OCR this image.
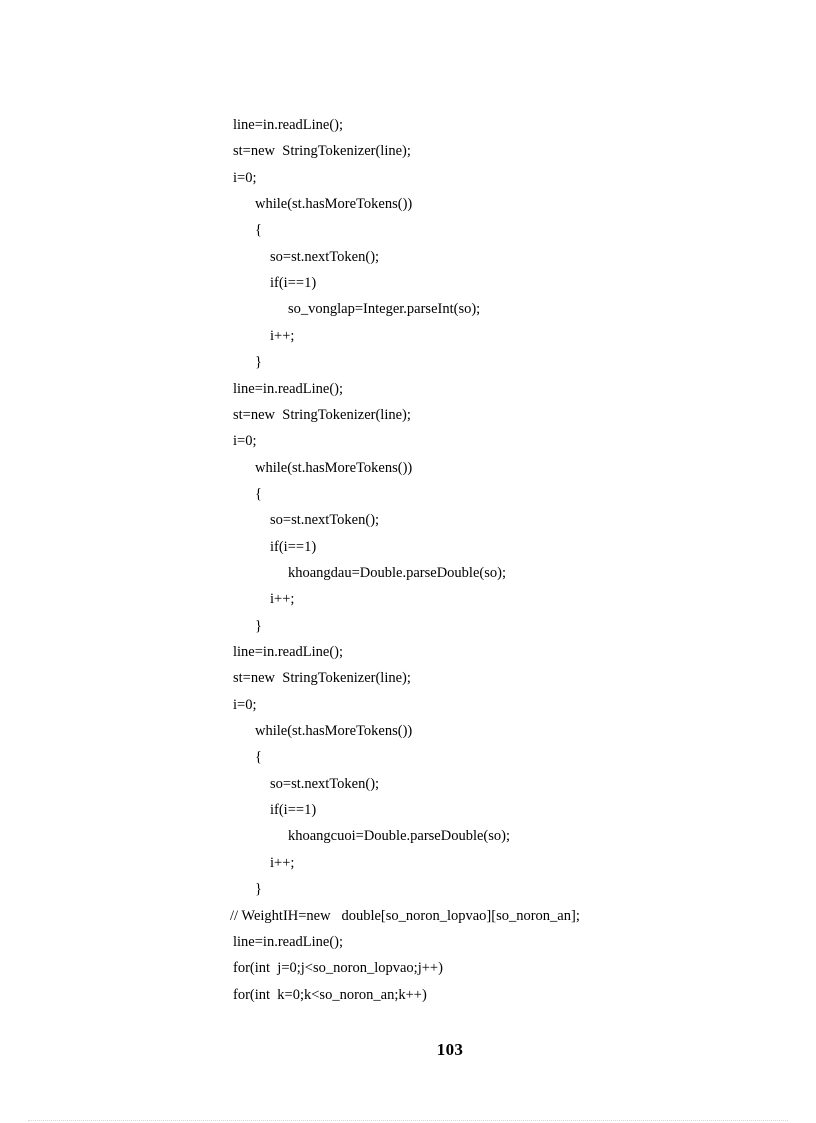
line=in.readLine();
st=new  StringTokenizer(line);
i=0;
while(st.hasMoreTokens())
{
so=st.nextToken();
if(i==1)
so_vonglap=Integer.parseInt(so);
i++;
}
line=in.readLine();
st=new  StringTokenizer(line);
i=0;
while(st.hasMoreTokens())
{
so=st.nextToken();
if(i==1)
khoangdau=Double.parseDouble(so);
i++;
}
line=in.readLine();
st=new  StringTokenizer(line);
i=0;
while(st.hasMoreTokens())
{
so=st.nextToken();
if(i==1)
khoangcuoi=Double.parseDouble(so);
i++;
}
// WeightIH=new   double[so_noron_lopvao][so_noron_an];
line=in.readLine();
for(int  j=0;j<so_noron_lopvao;j++)
for(int  k=0;k<so_noron_an;k++)
103
